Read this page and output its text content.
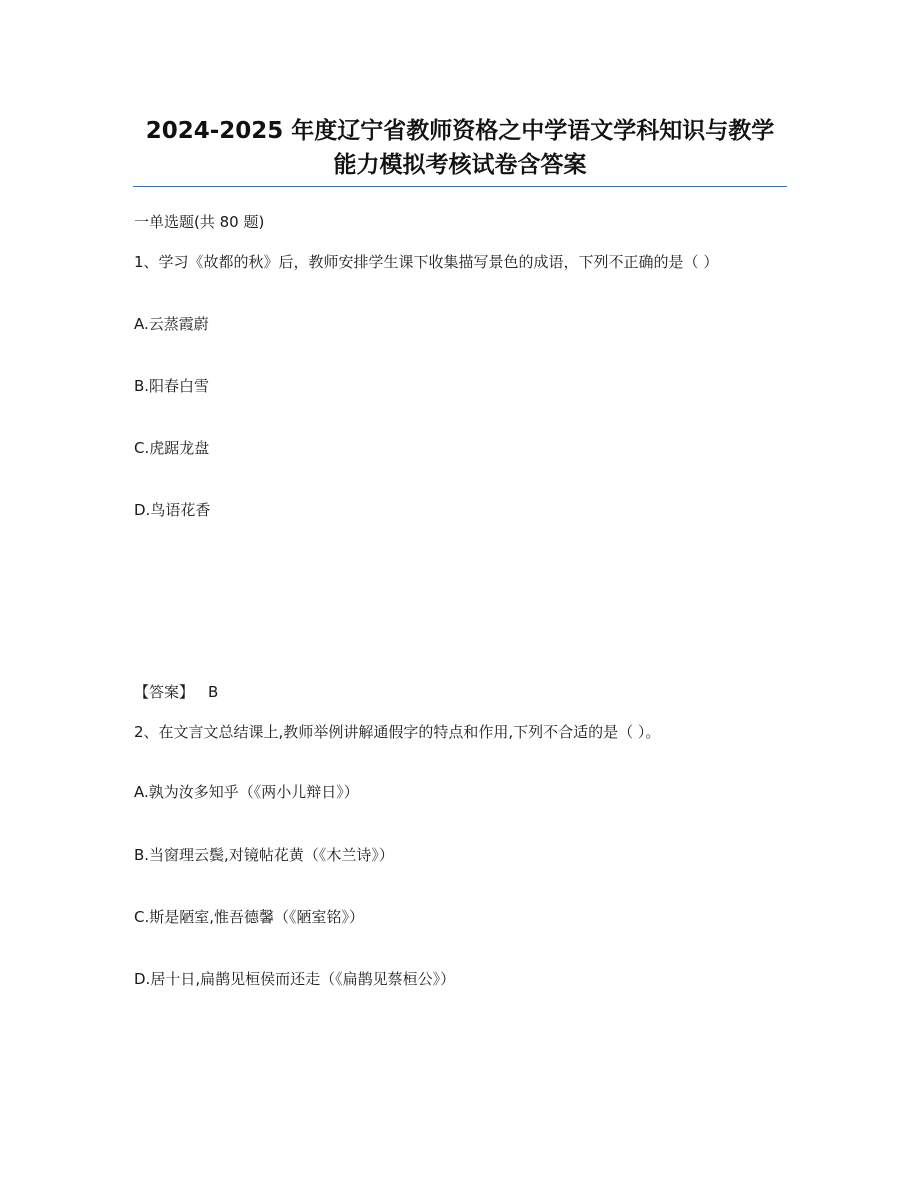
2024-2025 年度辽宁省教师资格之中学语文学科知识与教学
能力模拟考核试卷含答案
一单选题(共 80 题)
1、学习《故都的秋》后，教师安排学生课下收集描写景色的成语，下列不正确的是（ ）
A.云蒸霞蔚
B.阳春白雪
C.虎踞龙盘
D.鸟语花香
【答案】 B
2、在文言文总结课上,教师举例讲解通假字的特点和作用,下列不合适的是（ ）。
A.孰为汝多知乎（《两小儿辩日》）
B.当窗理云鬓,对镜帖花黄（《木兰诗》）
C.斯是陋室,惟吾德馨（《陋室铭》）
D.居十日,扁鹊见桓侯而还走（《扁鹊见蔡桓公》）
